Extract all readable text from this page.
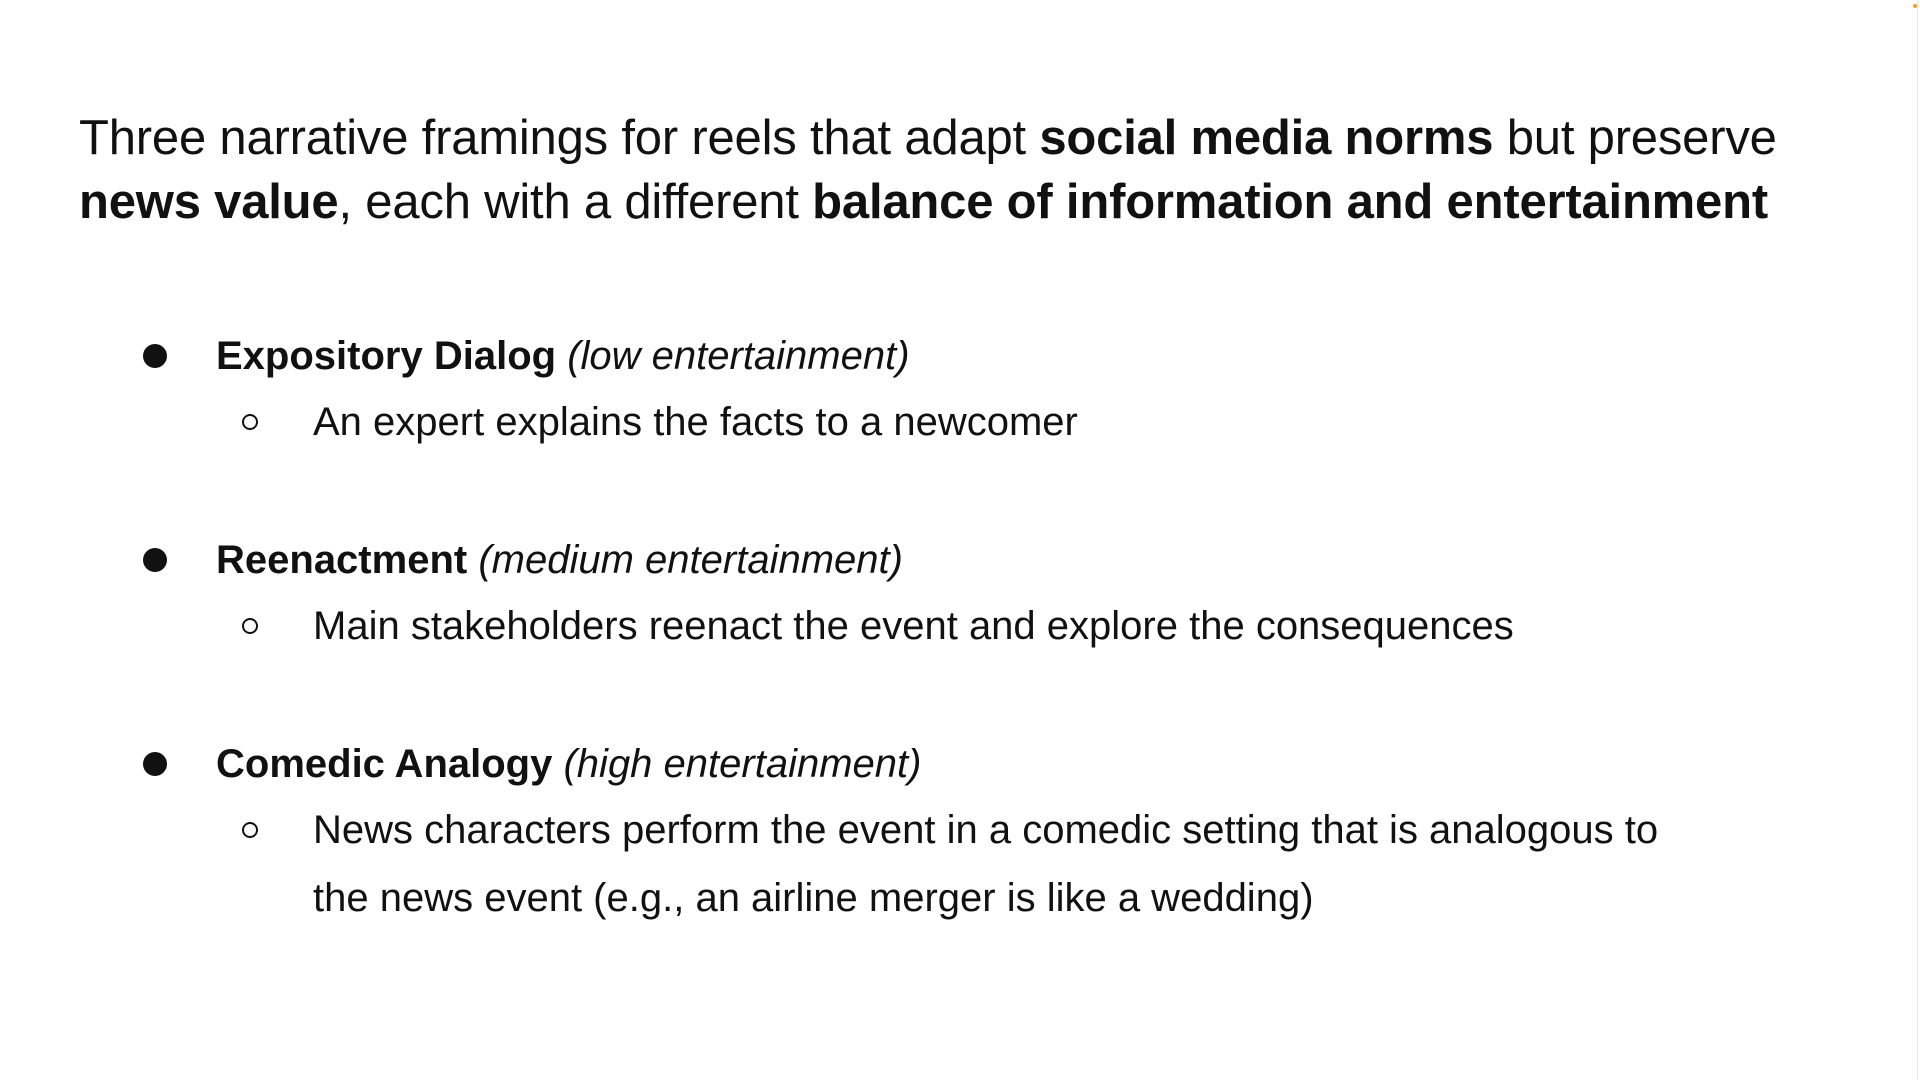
Three narrative framings for reels that adapt social media norms but preserve news value, each with a different balance of information and entertainment
Expository Dialog (low entertainment)
An expert explains the facts to a newcomer
Reenactment (medium entertainment)
Main stakeholders reenact the event and explore the consequences
Comedic Analogy (high entertainment)
News characters perform the event in a comedic setting that is analogous to the news event (e.g., an airline merger is like a wedding)
